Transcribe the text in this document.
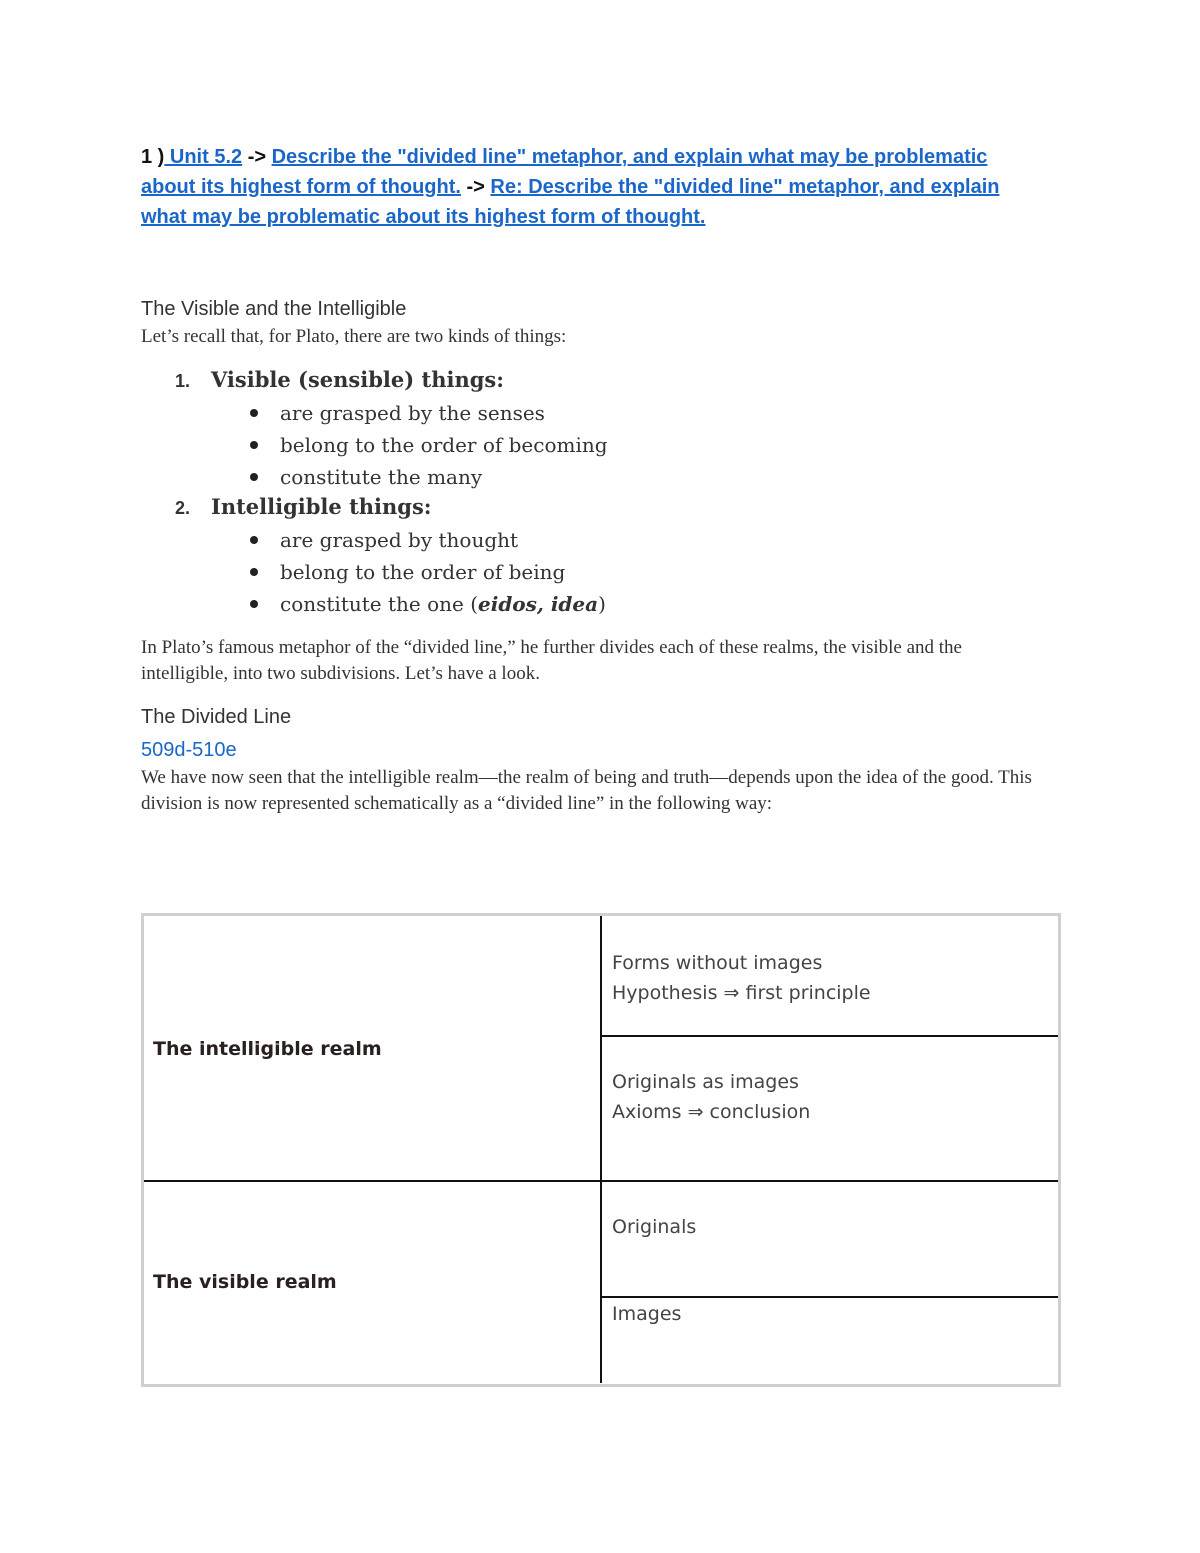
1 ) Unit 5.2 -> Describe the "divided line" metaphor, and explain what may be problematic about its highest form of thought. -> Re: Describe the "divided line" metaphor, and explain what may be problematic about its highest form of thought.
The Visible and the Intelligible
Let’s recall that, for Plato, there are two kinds of things:
1. Visible (sensible) things:
are grasped by the senses
belong to the order of becoming
constitute the many
2. Intelligible things:
are grasped by thought
belong to the order of being
constitute the one (eidos, idea)
In Plato’s famous metaphor of the “divided line,” he further divides each of these realms, the visible and the intelligible, into two subdivisions. Let’s have a look.
The Divided Line
509d-510e
We have now seen that the intelligible realm—the realm of being and truth—depends upon the idea of the good. This division is now represented schematically as a “divided line” in the following way:
The intelligible realm
The visible realm
Forms without images
Hypothesis ⇒ first principle
Originals as images
Axioms ⇒ conclusion
Originals
Images
